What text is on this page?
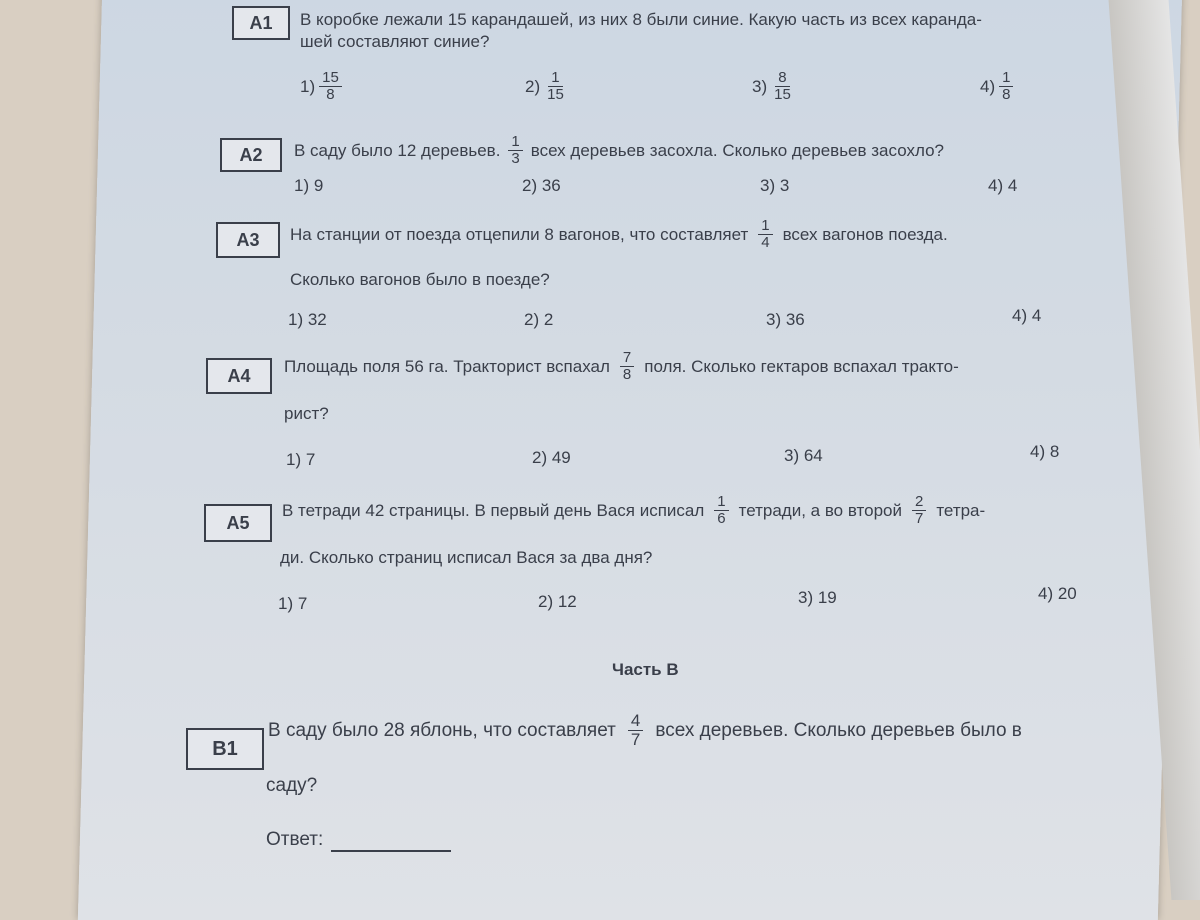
A1	В коробке лежали 15 карандашей, из них 8 были синие. Какую часть из всех каранда-
шей составляют синие?
$1) \frac{15}{8}$	$2) \frac{1}{15}$	$3) \frac{8}{15}$	$4) \frac{1}{8}$
A2	В саду было 12 деревьев. $\frac{1}{3}$ всех деревьев засохла. Сколько деревьев засохло?
1) 9	2) 36	3) 3	4) 4
A3	На станции от поезда отцепили 8 вагонов, что составляет $\frac{1}{4}$ всех вагонов поезда.
Сколько вагонов было в поезде?
1) 32	2) 2	3) 36	4) 4
A4	Площадь поля 56 га. Тракторист вспахал $\frac{7}{8}$ поля. Сколько гектаров вспахал тракто-
рист?
1) 7	2) 49	3) 64	4) 8
A5
В тетради 42 страницы. В первый день Вася исписал $\frac{1}{6}$ тетради, а во второй $\frac{2}{7}$ тетра-
ди. Сколько страниц исписал Вася за два дня?
1) 7	2) 12	3) 19	4) 20
Часть В
B1
В саду было 28 яблонь, что составляет $\frac{4}{7}$ всех деревьев. Сколько деревьев было в
саду?
Ответ:
